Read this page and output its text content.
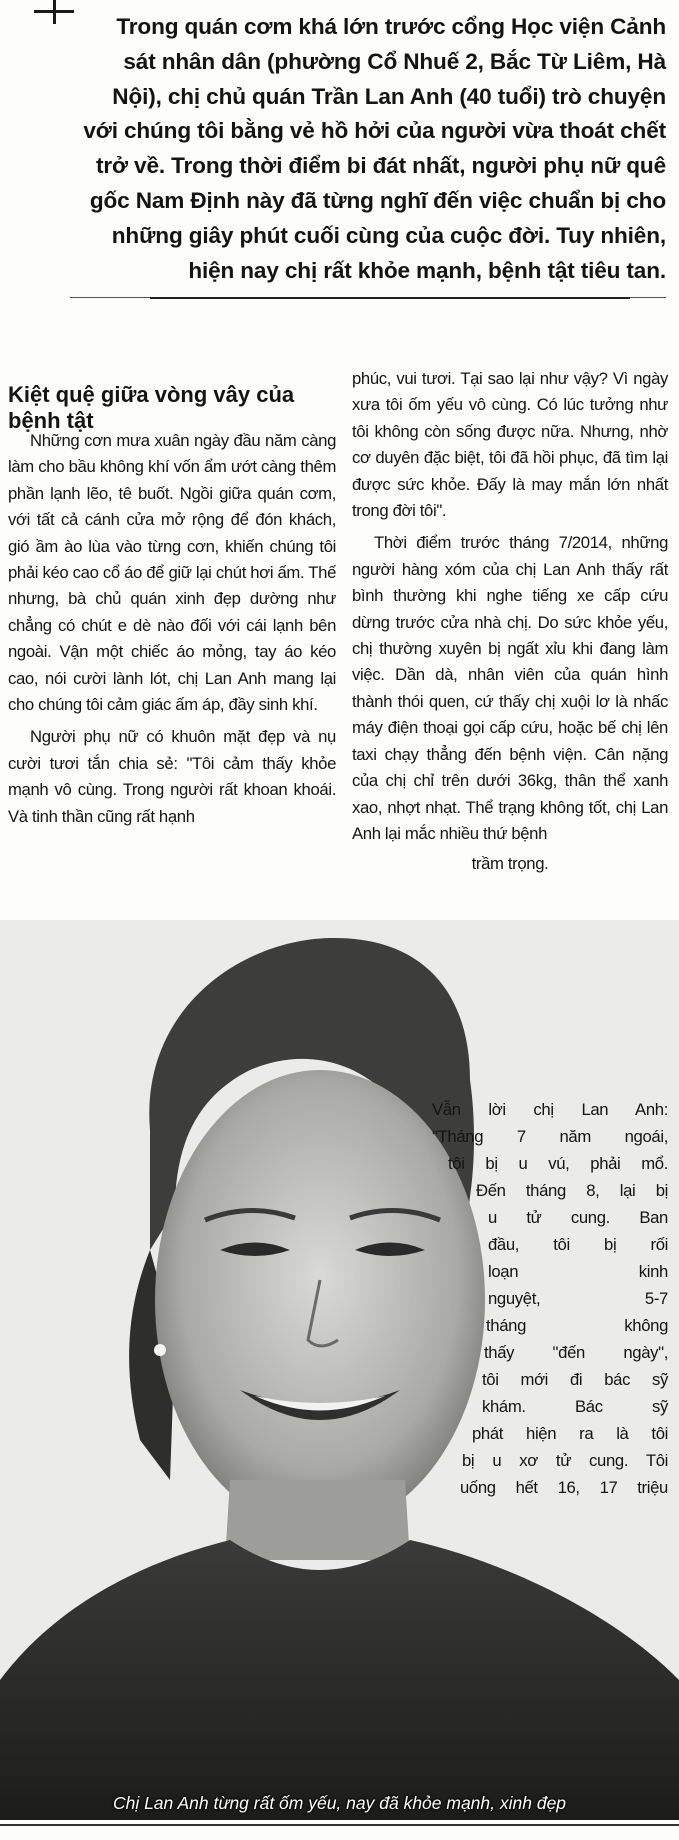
Trong quán cơm khá lớn trước cổng Học viện Cảnh sát nhân dân (phường Cổ Nhuế 2, Bắc Từ Liêm, Hà Nội), chị chủ quán Trần Lan Anh (40 tuổi) trò chuyện với chúng tôi bằng vẻ hồ hởi của người vừa thoát chết trở về. Trong thời điểm bi đát nhất, người phụ nữ quê gốc Nam Định này đã từng nghĩ đến việc chuẩn bị cho những giây phút cuối cùng của cuộc đời. Tuy nhiên, hiện nay chị rất khỏe mạnh, bệnh tật tiêu tan.
Kiệt quệ giữa vòng vây của bệnh tật

Những cơn mưa xuân ngày đầu năm càng làm cho bầu không khí vốn ẩm ướt càng thêm phần lạnh lẽo, tê buốt. Ngồi giữa quán cơm, với tất cả cánh cửa mở rộng để đón khách, gió ầm ào lùa vào từng cơn, khiến chúng tôi phải kéo cao cổ áo để giữ lại chút hơi ấm. Thế nhưng, bà chủ quán xinh đẹp dường như chẳng có chút e dè nào đối với cái lạnh bên ngoài. Vận một chiếc áo mỏng, tay áo kéo cao, nói cười lành lót, chị Lan Anh mang lại cho chúng tôi cảm giác ấm áp, đầy sinh khí.

Người phụ nữ có khuôn mặt đẹp và nụ cười tươi tắn chia sẻ: "Tôi cảm thấy khỏe mạnh vô cùng. Trong người rất khoan khoái. Và tinh thần cũng rất hạnh

phúc, vui tươi. Tại sao lại như vậy? Vì ngày xưa tôi ốm yếu vô cùng. Có lúc tưởng như tôi không còn sống được nữa. Nhưng, nhờ cơ duyên đặc biệt, tôi đã hồi phục, đã tìm lại được sức khỏe. Đấy là may mắn lớn nhất trong đời tôi".

Thời điểm trước tháng 7/2014, những người hàng xóm của chị Lan Anh thấy rất bình thường khi nghe tiếng xe cấp cứu dừng trước cửa nhà chị. Do sức khỏe yếu, chị thường xuyên bị ngất xỉu khi đang làm việc. Dần dà, nhân viên của quán hình thành thói quen, cứ thấy chị xuội lơ là nhấc máy điện thoại gọi cấp cứu, hoặc bế chị lên taxi chạy thẳng đến bệnh viện. Cân nặng của chị chỉ trên dưới 36kg, thân thể xanh xao, nhợt nhạt. Thể trạng không tốt, chị Lan Anh lại mắc nhiều thứ bệnh

trầm trọng.

Vẫn lời chị Lan Anh:
"Tháng 7 năm ngoái,
tôi bị u vú, phải mổ.
Đến tháng 8, lại bị
u tử cung. Ban
đầu, tôi bị rối
loạn kinh
nguyệt, 5-7
tháng không
thấy "đến ngày",
tôi mới đi bác sỹ
khám. Bác sỹ
phát hiện ra là tôi
bị u xơ tử cung. Tôi
uống hết 16, 17 triệu
Chị Lan Anh từng rất ốm yếu, nay đã khỏe mạnh, xinh đẹp
